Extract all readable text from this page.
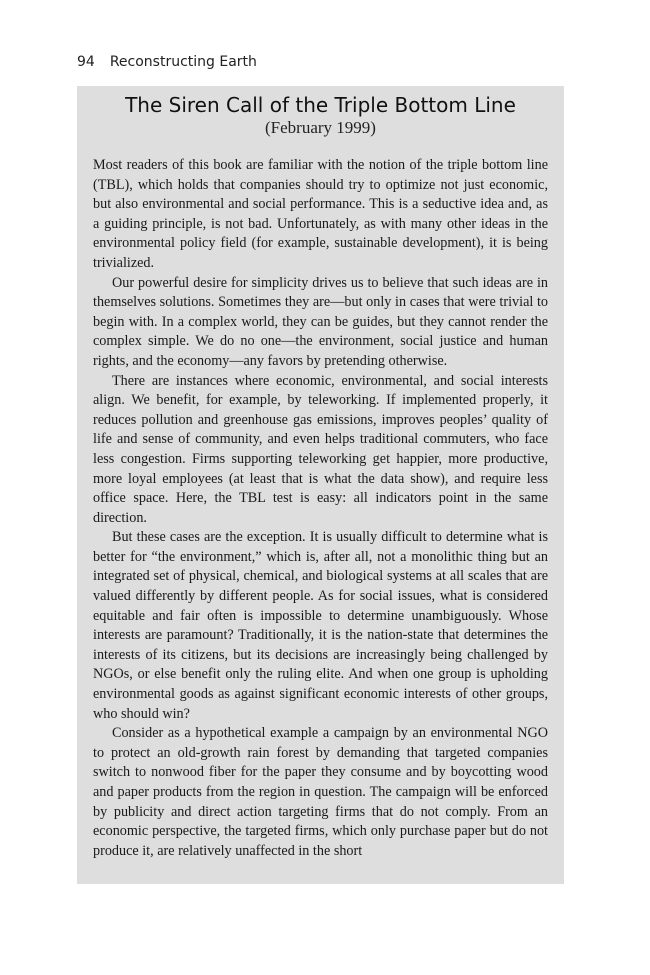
94 Reconstructing Earth
The Siren Call of the Triple Bottom Line
(February 1999)

Most readers of this book are familiar with the notion of the triple bottom line (TBL), which holds that companies should try to optimize not just economic, but also environmental and social performance. This is a seductive idea and, as a guiding principle, is not bad. Unfortunately, as with many other ideas in the environmental policy field (for example, sustainable development), it is being trivialized.

Our powerful desire for simplicity drives us to believe that such ideas are in themselves solutions. Sometimes they are—but only in cases that were trivial to begin with. In a complex world, they can be guides, but they cannot render the complex simple. We do no one—the environment, social justice and human rights, and the economy—any favors by pretending otherwise.

There are instances where economic, environmental, and social interests align. We benefit, for example, by teleworking. If implemented properly, it reduces pollution and greenhouse gas emissions, improves peoples’ quality of life and sense of community, and even helps traditional commuters, who face less congestion. Firms supporting teleworking get happier, more productive, more loyal employees (at least that is what the data show), and require less office space. Here, the TBL test is easy: all indicators point in the same direction.

But these cases are the exception. It is usually difficult to determine what is better for “the environment,” which is, after all, not a monolithic thing but an integrated set of physical, chemical, and biological systems at all scales that are valued differently by different people. As for social issues, what is considered equitable and fair often is impossible to determine unambiguously. Whose interests are paramount? Traditionally, it is the nation-state that determines the interests of its citizens, but its decisions are increasingly being challenged by NGOs, or else benefit only the ruling elite. And when one group is upholding environmental goods as against significant economic interests of other groups, who should win?

Consider as a hypothetical example a campaign by an environmental NGO to protect an old-growth rain forest by demanding that targeted companies switch to nonwood fiber for the paper they consume and by boycotting wood and paper products from the region in question. The campaign will be enforced by publicity and direct action targeting firms that do not comply. From an economic perspective, the targeted firms, which only purchase paper but do not produce it, are relatively unaffected in the short
